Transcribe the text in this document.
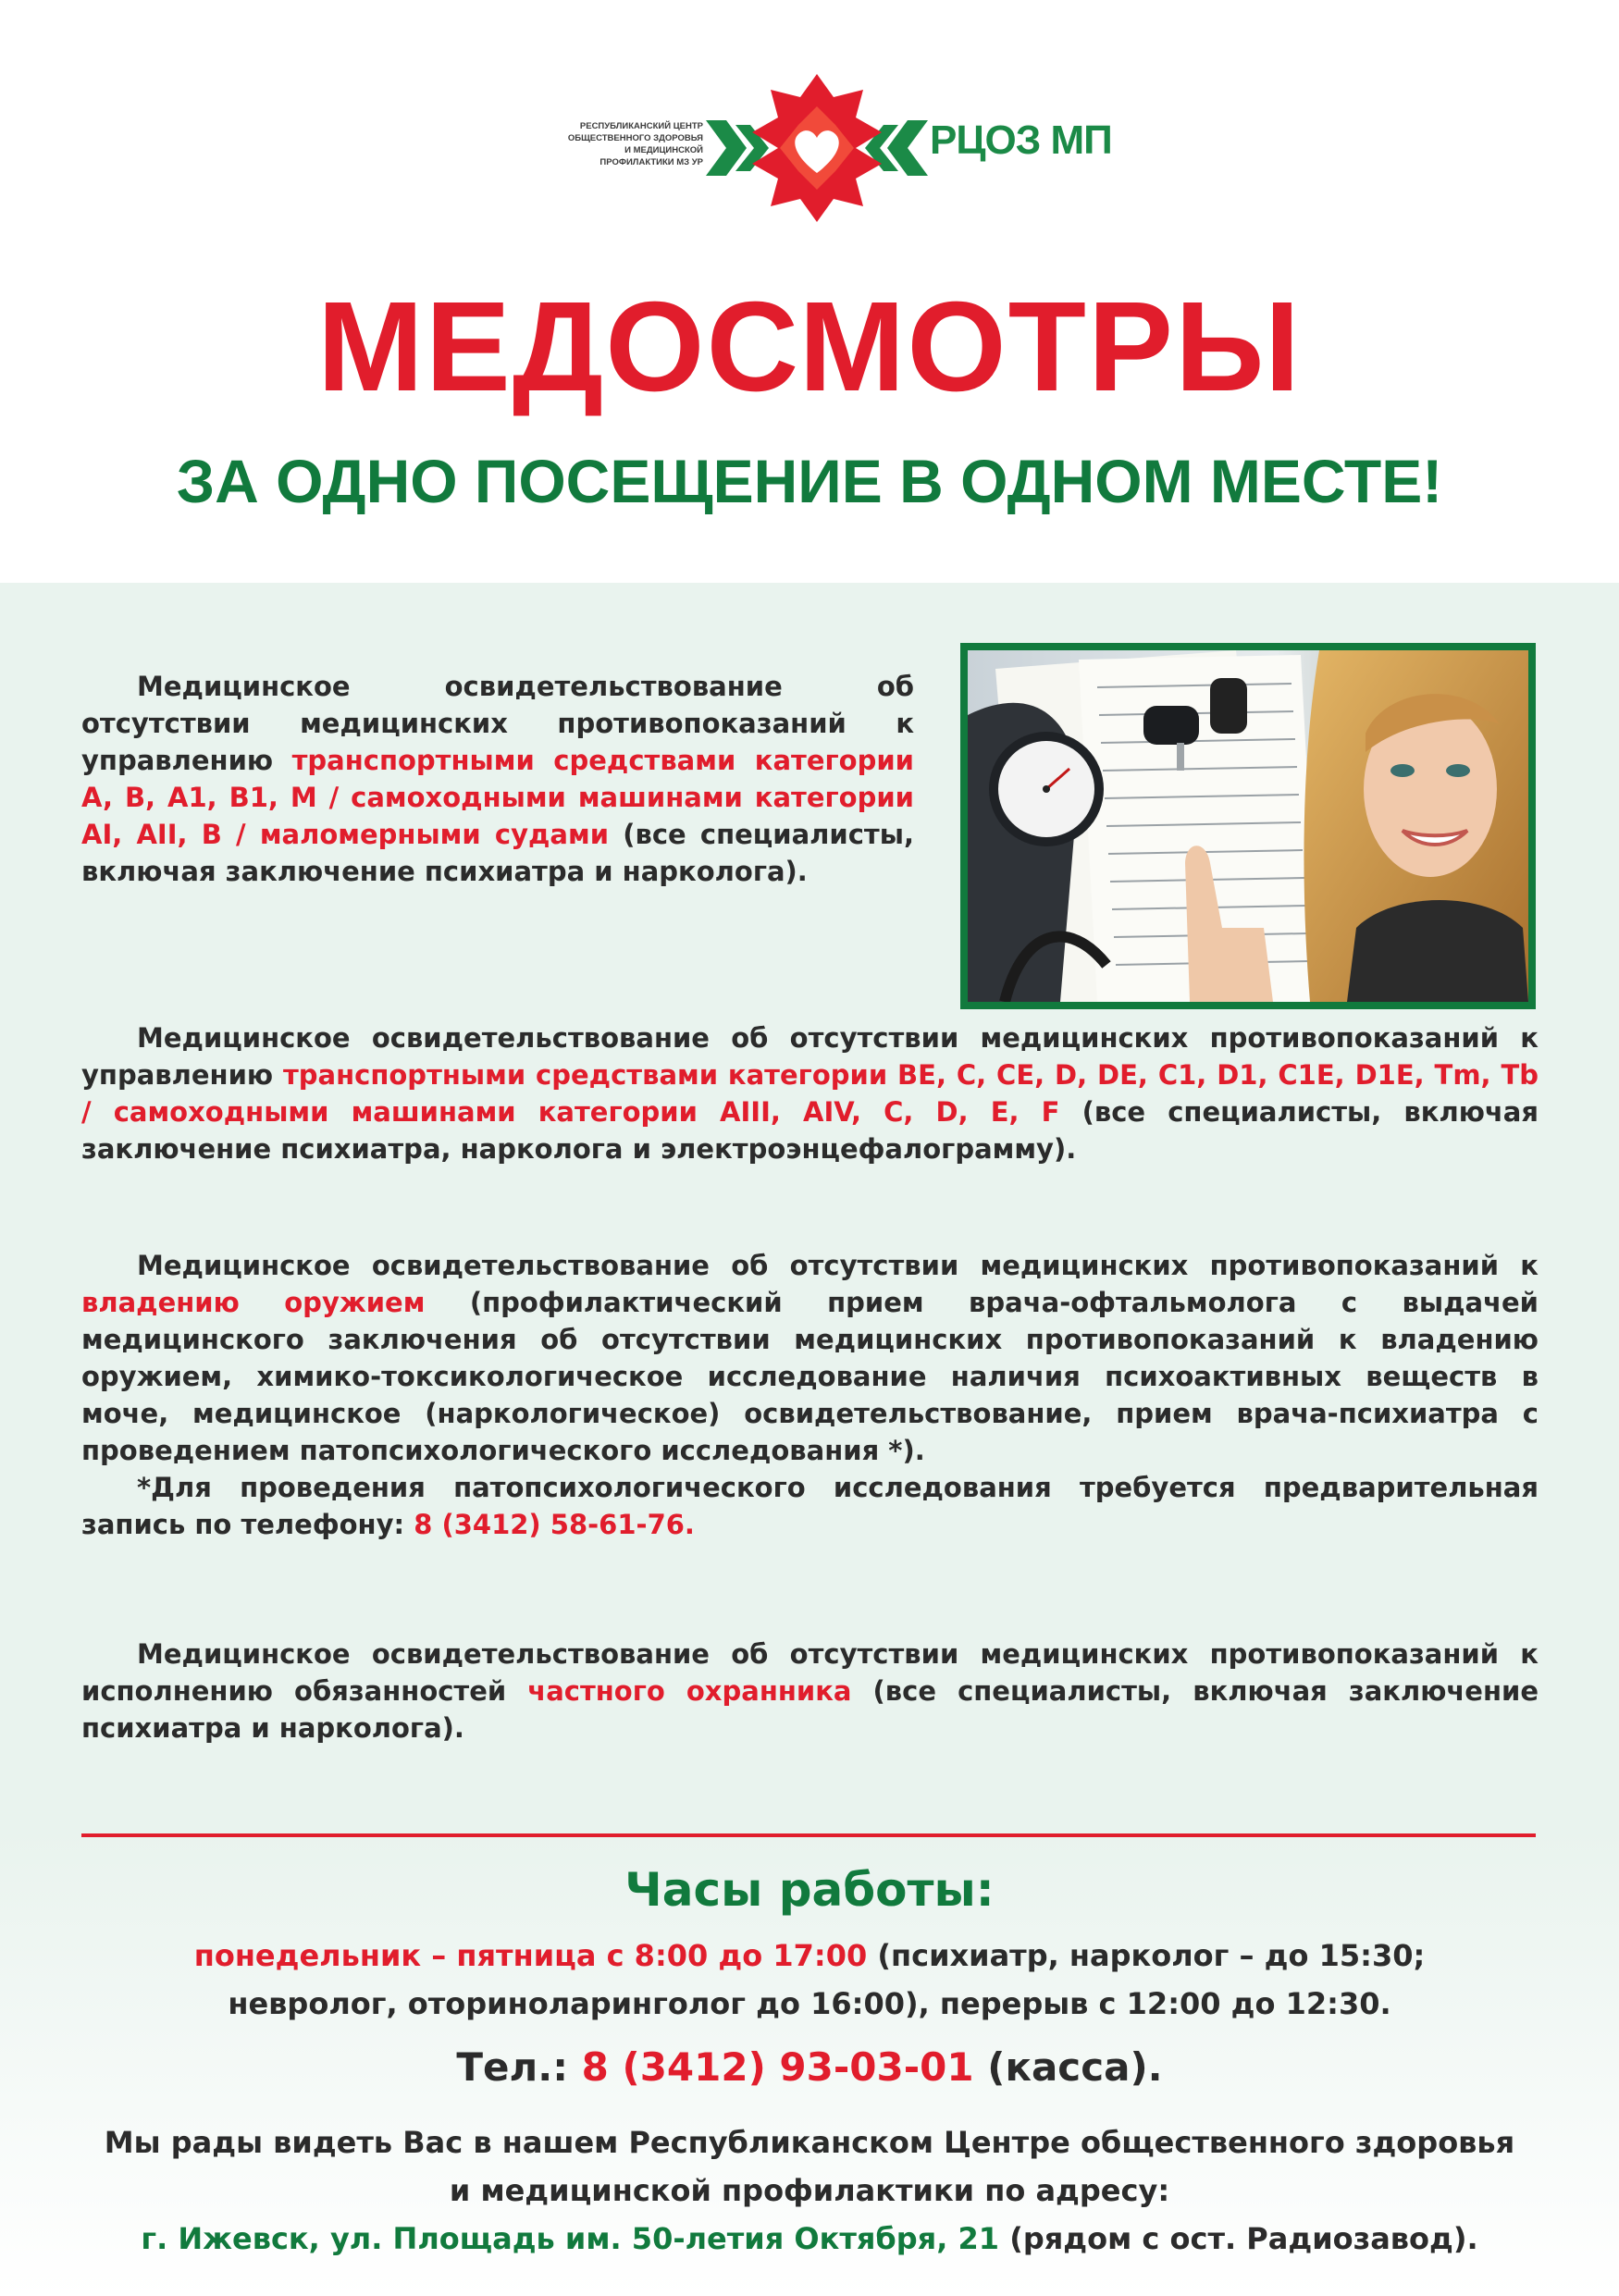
РЕСПУБЛИКАНСКИЙ ЦЕНТР
ОБЩЕСТВЕННОГО ЗДОРОВЬЯ
И МЕДИЦИНСКОЙ
ПРОФИЛАКТИКИ МЗ УР	РЦОЗ МП
МЕДОСМОТРЫ
ЗА ОДНО ПОСЕЩЕНИЕ В ОДНОМ МЕСТЕ!

Медицинское освидетельствование об отсутствии медицинских противопоказаний к управлению транспортными средствами категории A, B, A1, B1, M / самоходными машинами категории AI, AII, B / маломерными судами (все специалисты, включая заключение психиатра и нарколога).

Медицинское освидетельствование об отсутствии медицинских противопоказаний к управлению транспортными средствами категории BE, C, CE, D, DE, C1, D1, C1E, D1E, Tm, Tb / самоходными машинами категории AIII, AIV, C, D, E, F (все специалисты, включая заключение психиатра, нарколога и электроэнцефалограмму).

Медицинское освидетельствование об отсутствии медицинских противопоказаний к владению оружием (профилактический прием врача-офтальмолога с выдачей медицинского заключения об отсутствии медицинских противопоказаний к владению оружием, химико-токсикологическое исследование наличия психоактивных веществ в моче, медицинское (наркологическое) освидетельствование, прием врача-психиатра с проведением патопсихологического исследования *).
*Для проведения патопсихологического исследования требуется предварительная запись по телефону: 8 (3412) 58-61-76.

Медицинское освидетельствование об отсутствии медицинских противопоказаний к исполнению обязанностей частного охранника (все специалисты, включая заключение психиатра и нарколога).

Часы работы:

понедельник – пятница с 8:00 до 17:00 (психиатр, нарколог – до 15:30;
невролог, оториноларинголог до 16:00), перерыв с 12:00 до 12:30.

Тел.: 8 (3412) 93-03-01 (касса).

Мы рады видеть Вас в нашем Республиканском Центре общественного здоровья
и медицинской профилактики по адресу:
г. Ижевск, ул. Площадь им. 50-летия Октября, 21 (рядом с ост. Радиозавод).
